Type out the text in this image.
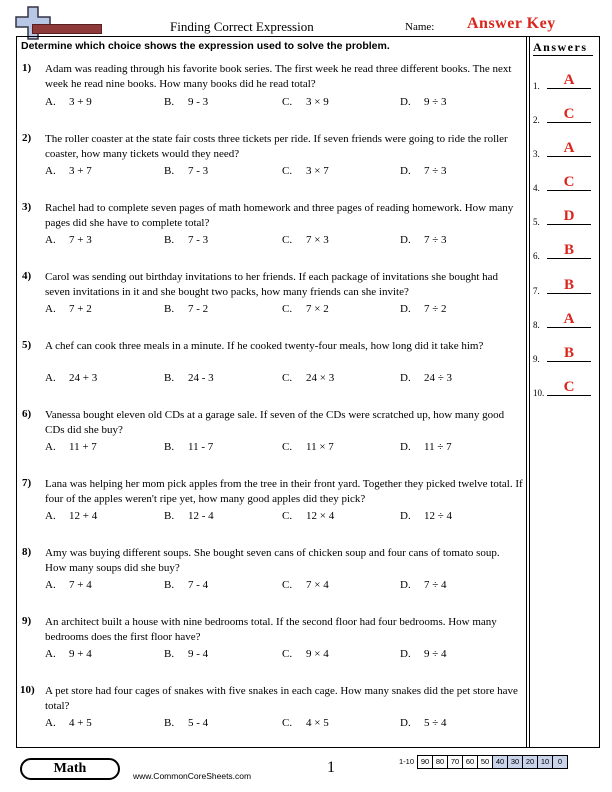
Finding Correct Expression	Name: Answer Key
Determine which choice shows the expression used to solve the problem.
1) Adam was reading through his favorite book series. The first week he read three different books. The next week he read nine books. How many books did he read total?
A. 3 + 9	B. 9 - 3	C. 3 × 9	D. 9 ÷ 3
2) The roller coaster at the state fair costs three tickets per ride. If seven friends were going to ride the roller coaster, how many tickets would they need?
A. 3 + 7	B. 7 - 3	C. 3 × 7	D. 7 ÷ 3
3) Rachel had to complete seven pages of math homework and three pages of reading homework. How many pages did she have to complete total?
A. 7 + 3	B. 7 - 3	C. 7 × 3	D. 7 ÷ 3
4) Carol was sending out birthday invitations to her friends. If each package of invitations she bought had seven invitations in it and she bought two packs, how many friends can she invite?
A. 7 + 2	B. 7 - 2	C. 7 × 2	D. 7 ÷ 2
5) A chef can cook three meals in a minute. If he cooked twenty-four meals, how long did it take him?
A. 24 + 3	B. 24 - 3	C. 24 × 3	D. 24 ÷ 3
6) Vanessa bought eleven old CDs at a garage sale. If seven of the CDs were scratched up, how many good CDs did she buy?
A. 11 + 7	B. 11 - 7	C. 11 × 7	D. 11 ÷ 7
7) Lana was helping her mom pick apples from the tree in their front yard. Together they picked twelve total. If four of the apples weren't ripe yet, how many good apples did they pick?
A. 12 + 4	B. 12 - 4	C. 12 × 4	D. 12 ÷ 4
8) Amy was buying different soups. She bought seven cans of chicken soup and four cans of tomato soup. How many soups did she buy?
A. 7 + 4	B. 7 - 4	C. 7 × 4	D. 7 ÷ 4
9) An architect built a house with nine bedrooms total. If the second floor had four bedrooms. How many bedrooms does the first floor have?
A. 9 + 4	B. 9 - 4	C. 9 × 4	D. 9 ÷ 4
10) A pet store had four cages of snakes with five snakes in each cage. How many snakes did the pet store have total?
A. 4 + 5	B. 5 - 4	C. 4 × 5	D. 5 ÷ 4
Answers
1.	A
2.	C
3.	A
4.	C
5.	D
6.	B
7.	B
8.	A
9.	B
10.	C
Math	www.CommonCoreSheets.com	1	1-10 90 80 70 60 50 40 30 20 10	0
